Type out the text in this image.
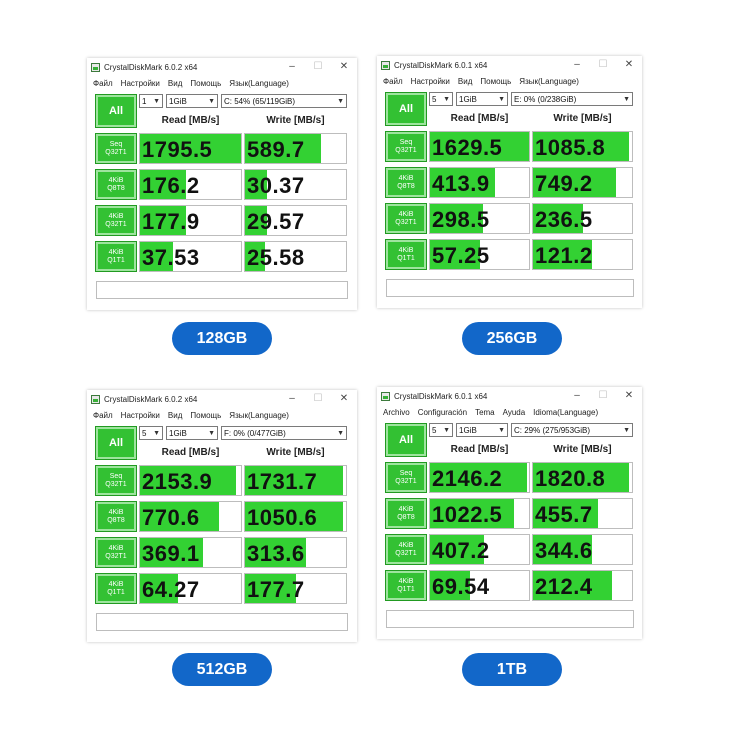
CrystalDiskMark 6.0.2 x64	–	☐	✕
Файл Настройки Вид Помощь Язык(Language)
All
1 ▼ 1GiB	▼ C: 54% (65/119GiB)	▼
Read [MB/s]	Write [MB/s]
Seq
Q32T1 1795.5 589.7
4KiB
Q8T8 176.2 30.37
4KiB
Q32T1 177.9 29.57
4KiB
Q1T1 37.53 25.58
CrystalDiskMark 6.0.1 x64	–	☐	✕
Файл Настройки Вид Помощь Язык(Language)
All
5 ▼ 1GiB	▼ E: 0% (0/238GiB)	▼
Read [MB/s]	Write [MB/s]
Seq
Q32T1 1629.5 1085.8
4KiB
Q8T8 413.9 749.2
4KiB
Q32T1 298.5 236.5
4KiB
Q1T1 57.25 121.2
CrystalDiskMark 6.0.2 x64	–	☐	✕
Файл Настройки Вид Помощь Язык(Language)
All
5 ▼ 1GiB	▼ F: 0% (0/477GiB)	▼
Read [MB/s]	Write [MB/s]
Seq
Q32T1 2153.9 1731.7
4KiB
Q8T8 770.6 1050.6
4KiB
Q32T1 369.1 313.6
4KiB
Q1T1 64.27 177.7
CrystalDiskMark 6.0.1 x64	–	☐	✕
Archivo Configuración Tema Ayuda Idioma(Language)
All
5 ▼ 1GiB	▼ C: 29% (275/953GiB)	▼
Read [MB/s]	Write [MB/s]
Seq
Q32T1 2146.2 1820.8
4KiB
Q8T8 1022.5 455.7
4KiB
Q32T1 407.2 344.6
4KiB
Q1T1 69.54 212.4
128GB	256GB
512GB	1TB
